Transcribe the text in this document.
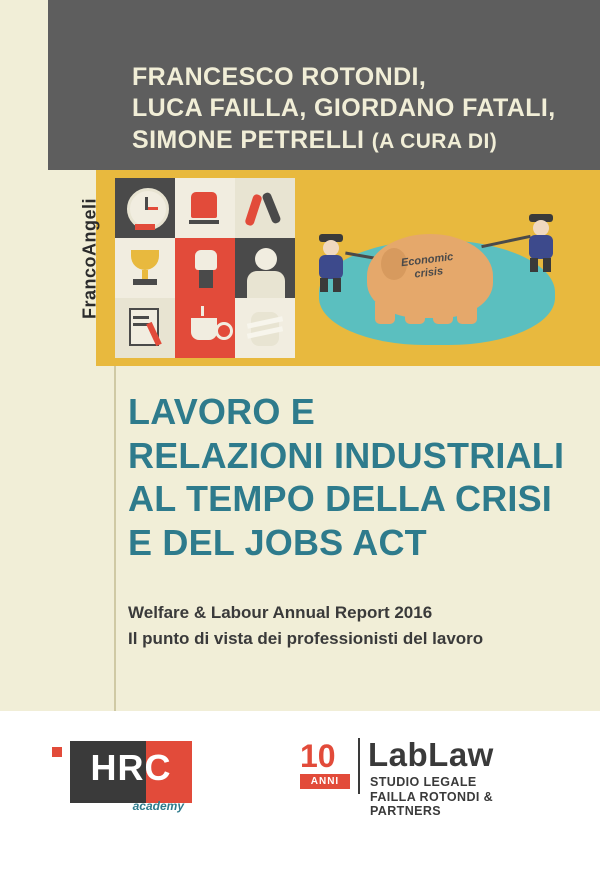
FrancoAngeli
FRANCESCO ROTONDI,
LUCA FAILLA, GIORDANO FATALI,
SIMONE PETRELLI (A CURA DI)
Economic
crisis
LAVORO E
RELAZIONI INDUSTRIALI
AL TEMPO DELLA CRISI
E DEL JOBS ACT
Welfare & Labour Annual Report 2016
Il punto di vista dei professionisti del lavoro
HRC
academy
10
ANNI
LabLaw
STUDIO LEGALE
FAILLA ROTONDI & PARTNERS
